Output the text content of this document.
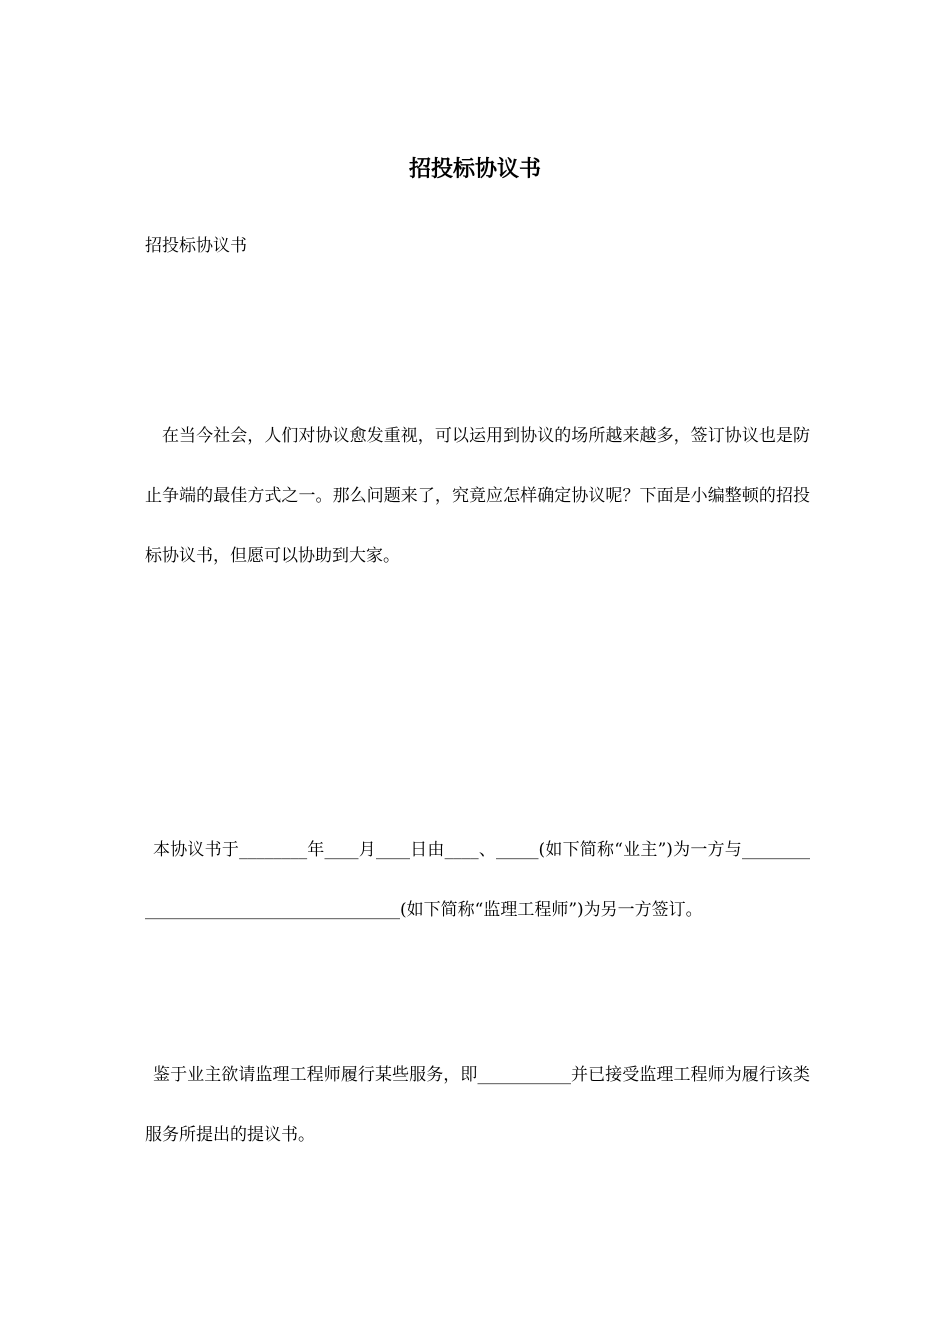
招投标协议书

招投标协议书

在当今社会，人们对协议愈发重视，可以运用到协议的场所越来越多，签订协议也是防止争端的最佳方式之一。那么问题来了，究竟应怎样确定协议呢？下面是小编整顿的招投标协议书，但愿可以协助到大家。

本协议书于________年____月____日由____、_____(如下简称“业主”)为一方与______________________________________(如下简称“监理工程师”)为另一方签订。

鉴于业主欲请监理工程师履行某些服务，即___________并已接受监理工程师为履行该类服务所提出的提议书。
